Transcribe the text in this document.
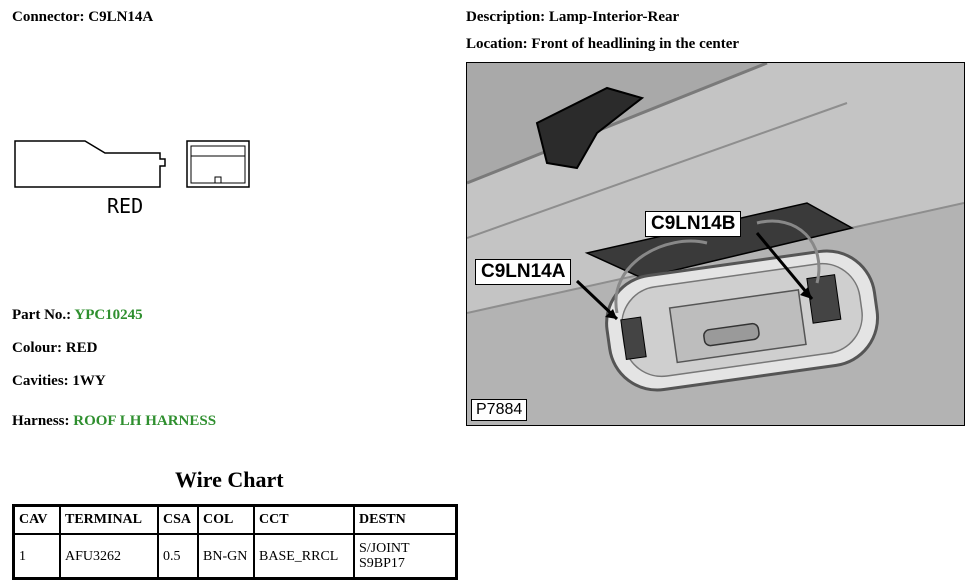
Connector: C9LN14A	Description: Lamp-Interior-Rear
Location: Front of headlining in the center
RED
Part No.: YPC10245
Colour: RED
Cavities: 1WY
Harness: ROOF LH HARNESS
Wire Chart
CAV	TERMINAL	CSA	COL	CCT	DESTN
1	AFU3262	0.5	BN-GN	BASE_RRCL	S/JOINT S9BP17
C9LN14A
C9LN14B
P7884
